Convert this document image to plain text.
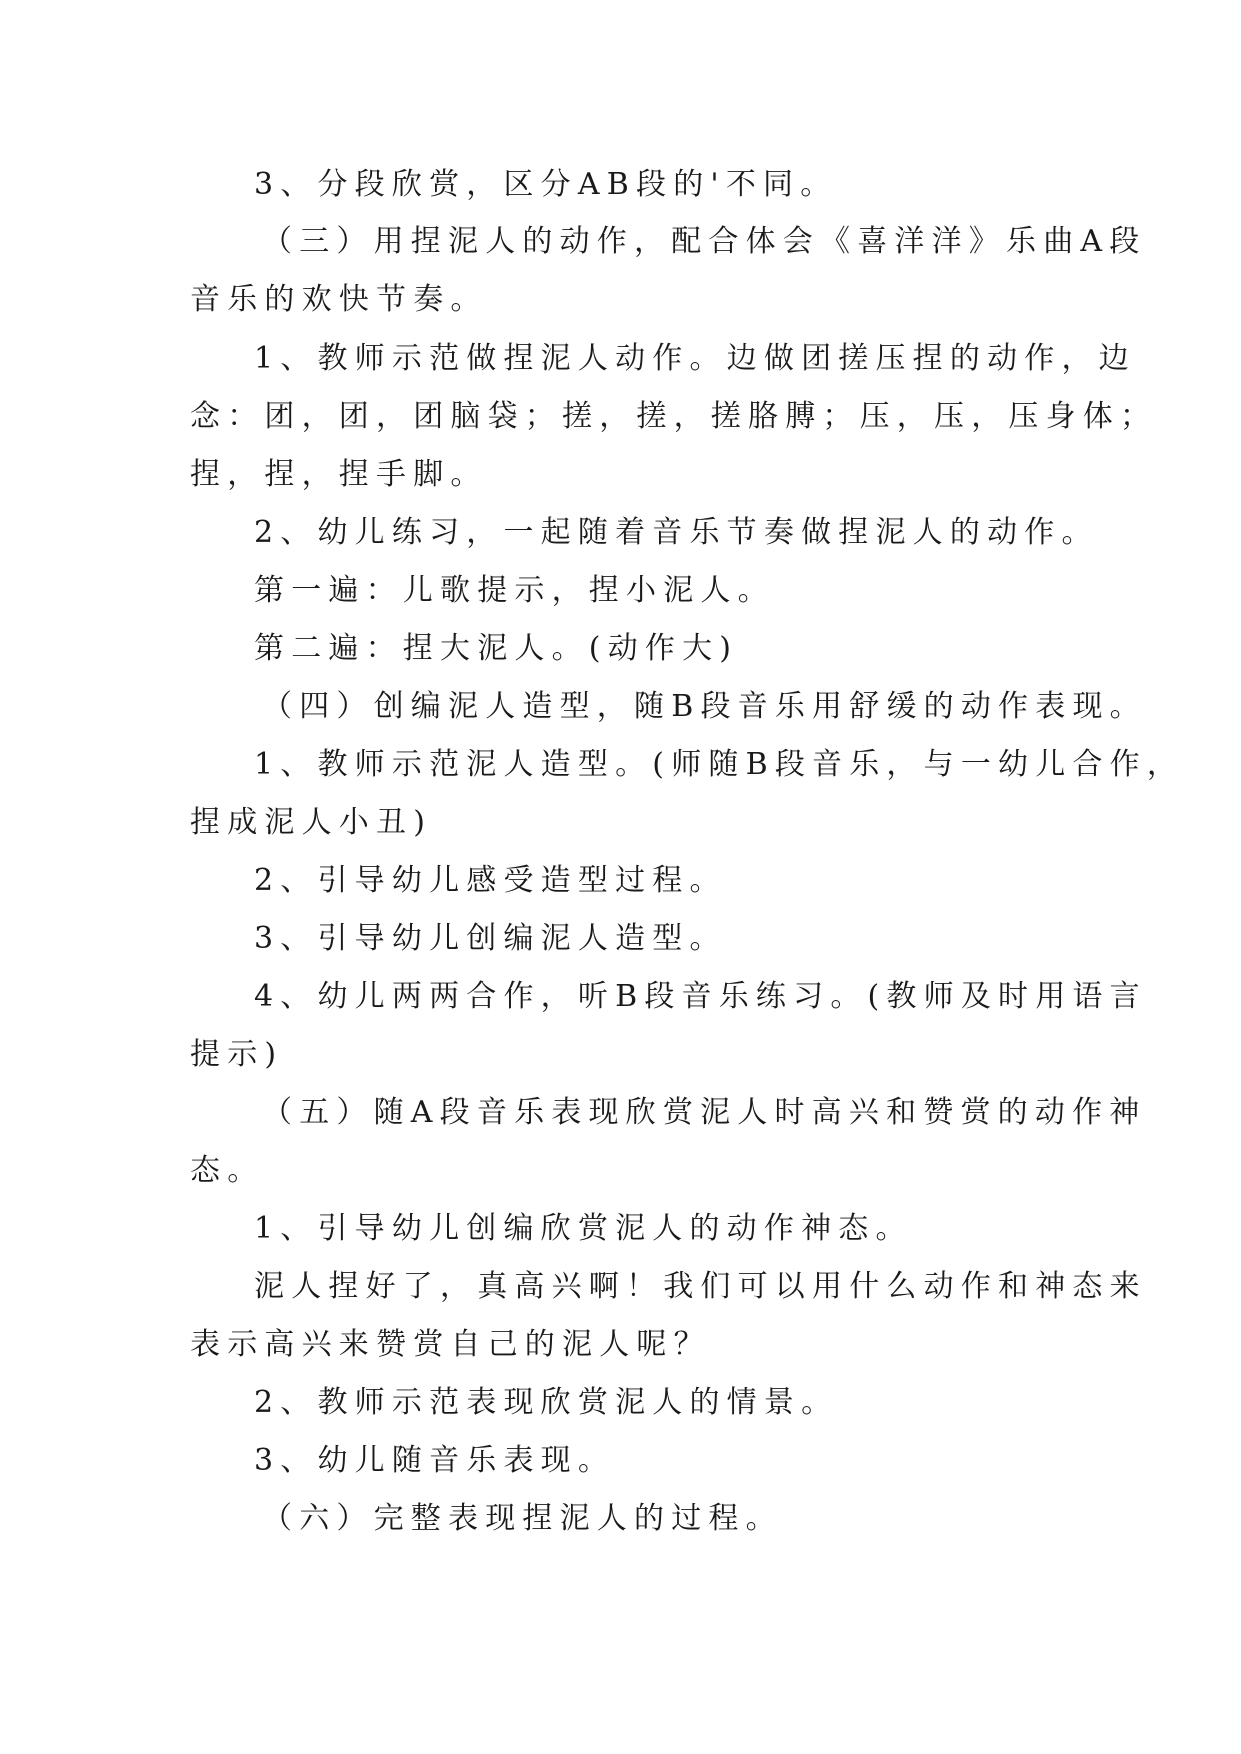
3、分段欣赏，区分AB段的'不同。
（三）用捏泥人的动作，配合体会《喜洋洋》乐曲A段
音乐的欢快节奏。
1、教师示范做捏泥人动作。边做团搓压捏的动作，边
念：团，团，团脑袋；搓，搓，搓胳膊；压，压，压身体；
捏，捏，捏手脚。
2、幼儿练习，一起随着音乐节奏做捏泥人的动作。
第一遍：儿歌提示，捏小泥人。
第二遍：捏大泥人。(动作大)
（四）创编泥人造型，随B段音乐用舒缓的动作表现。
1、教师示范泥人造型。(师随B段音乐，与一幼儿合作，
捏成泥人小丑)
2、引导幼儿感受造型过程。
3、引导幼儿创编泥人造型。
4、幼儿两两合作，听B段音乐练习。(教师及时用语言
提示)
（五）随A段音乐表现欣赏泥人时高兴和赞赏的动作神
态。
1、引导幼儿创编欣赏泥人的动作神态。
泥人捏好了，真高兴啊！我们可以用什么动作和神态来
表示高兴来赞赏自己的泥人呢？
2、教师示范表现欣赏泥人的情景。
3、幼儿随音乐表现。
（六）完整表现捏泥人的过程。
